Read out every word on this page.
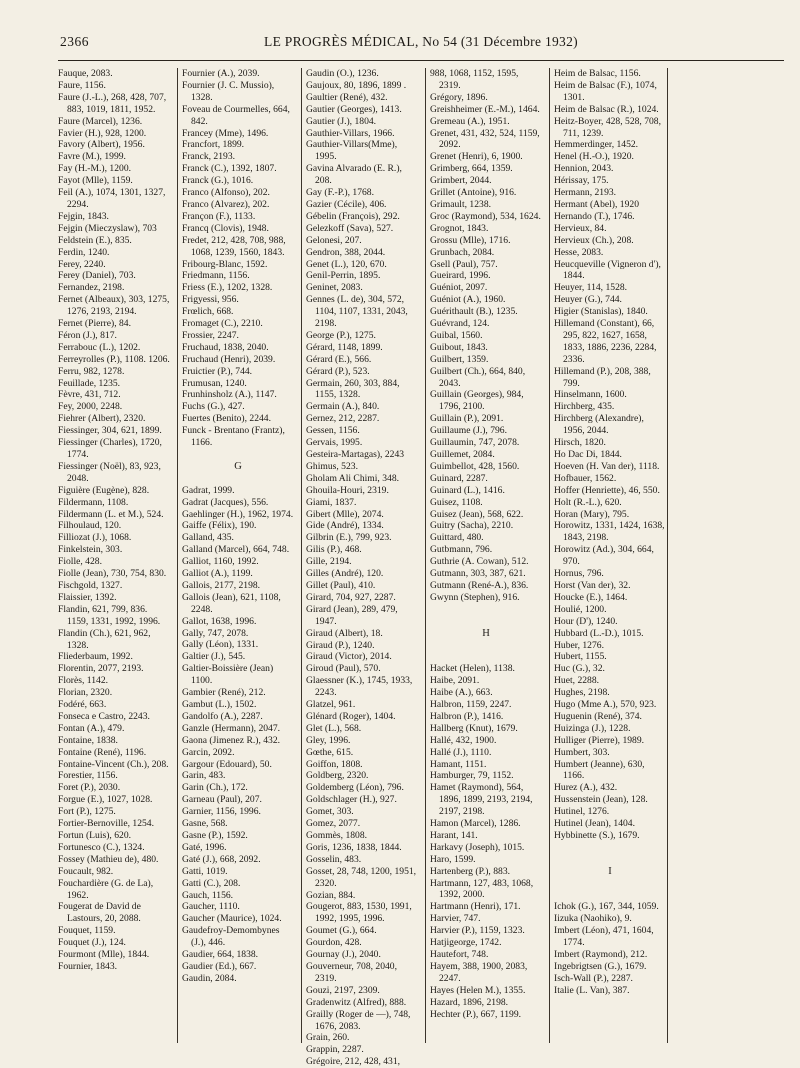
2366	LE PROGRÈS MÉDICAL, No 54 (31 Décembre 1932)
Fauque, 2083.
Faure, 1156.
Faure (J.-L.), 268, 428, 707, 883, 1019, 1811, 1952.
Faure (Marcel), 1236.
Favier (H.), 928, 1200.
Favory (Albert), 1956.
Favre (M.), 1999.
Fay (H.-M.), 1200.
Fayot (Mlle), 1159.
Feil (A.), 1074, 1301, 1327, 2294.
Fejgin, 1843.
Fejgin (Mieczyslaw), 703
Feldstein (E.), 835.
Ferdin, 1240.
Ferey, 2240.
Ferey (Daniel), 703.
Fernandez, 2198.
Fernet (Albeaux), 303, 1275, 1276, 2193, 2194.
Fernet (Pierre), 84.
Féron (J.), 817.
Ferrabouc (L.), 1202.
Ferreyrolles (P.), 1108. 1206.
Ferru, 982, 1278.
Feuillade, 1235.
Fèvre, 431, 712.
Fey, 2000, 2248.
Fiehrer (Albert), 2320.
Fiessinger, 304, 621, 1899.
Fiessinger (Charles), 1720, 1774.
Fiessinger (Noël), 83, 923, 2048.
Figuière (Eugène), 828.
Fildermann, 1108.
Fildermann (L. et M.), 524.
Filhoulaud, 120.
Filliozat (J.), 1068.
Finkelstein, 303.
Fiolle, 428.
Fiolle (Jean), 730, 754, 830.
Fischgold, 1327.
Flaissier, 1392.
Flandin, 621, 799, 836. 1159, 1331, 1992, 1996.
Flandin (Ch.), 621, 962, 1328.
Fliederbaum, 1992.
Florentin, 2077, 2193.
Florès, 1142.
Florian, 2320.
Fodéré, 663.
Fonseca e Castro, 2243.
Fontan (A.), 479.
Fontaine, 1838.
Fontaine (René), 1196.
Fontaine-Vincent (Ch.), 208.
Forestier, 1156.
Foret (P.), 2030.
Forgue (E.), 1027, 1028.
Fort (P.), 1275.
Fortier-Bernoville, 1254.
Fortun (Luis), 620.
Fortunesco (C.), 1324.
Fossey (Mathieu de), 480.
Foucault, 982.
Fouchardière (G. de La), 1962.
Fougerat de David de Lastours, 20, 2088.
Fouquet, 1159.
Fouquet (J.), 124.
Fourmont (Mlle), 1844.
Fournier, 1843.
Fournier (A.), 2039.
Fournier (J. C. Mussio), 1328.
Foveau de Courmelles, 664, 842.
Francey (Mme), 1496.
Francfort, 1899.
Franck, 2193.
Franck (C.), 1392, 1807.
Franck (G.), 1016.
Franco (Alfonso), 202.
Franco (Alvarez), 202.
Françon (F.), 1133.
Francq (Clovis), 1948.
Fredet, 212, 428, 708, 988, 1068, 1239, 1560, 1843.
Fribourg-Blanc, 1592.
Friedmann, 1156.
Friess (E.), 1202, 1328.
Frigyessi, 956.
Frœlich, 668.
Fromaget (C.), 2210.
Frossier, 2247.
Fruchaud, 1838, 2040.
Fruchaud (Henri), 2039.
Fruictier (P.), 744.
Frumusan, 1240.
Frunhinsholz (A.), 1147.
Fuchs (G.), 427.
Fuertes (Benito), 2244.
Funck - Brentano (Frantz), 1166.
G
Gadrat, 1999.
Gadrat (Jacques), 556.
Gaehlinger (H.), 1962, 1974.
Gaiffe (Félix), 190.
Galland, 435.
Galland (Marcel), 664, 748.
Galliot, 1160, 1992.
Galliot (A.), 1199.
Gallois, 2177, 2198.
Gallois (Jean), 621, 1108, 2248.
Gallot, 1638, 1996.
Gally, 747, 2078.
Gally (Léon), 1331.
Galtier (J.), 545.
Galtier-Boissière (Jean) 1100.
Gambier (René), 212.
Gambut (L.), 1502.
Gandolfo (A.), 2287.
Ganzle (Hermann), 2047.
Gaona (Jimenez R.), 432.
Garcin, 2092.
Gargour (Edouard), 50.
Garin, 483.
Garin (Ch.), 172.
Garneau (Paul), 207.
Garnier, 1156, 1996.
Gasne, 568.
Gasne (P.), 1592.
Gaté, 1996.
Gaté (J.), 668, 2092.
Gatti, 1019.
Gatti (C.), 208.
Gauch, 1156.
Gaucher, 1110.
Gaucher (Maurice), 1024.
Gaudefroy-Demombynes (J.), 446.
Gaudier, 664, 1838.
Gaudier (Ed.), 667.
Gaudin, 2084.
Gaudin (O.), 1236.
Gaujoux, 80, 1896, 1899 .
Gaultier (René), 432.
Gautier (Georges), 1413.
Gautier (J.), 1804.
Gauthier-Villars, 1966.
Gauthier-Villars(Mme), 1995.
Gavina Alvarado (E. R.), 208.
Gay (F.-P.), 1768.
Gazier (Cécile), 406.
Gébelin (François), 292.
Gelezkoff (Sava), 527.
Gelonesi, 207.
Gendron, 388, 2044.
Genet (L.), 120, 670.
Genil-Perrin, 1895.
Geninet, 2083.
Gennes (L. de), 304, 572, 1104, 1107, 1331, 2043, 2198.
George (P.), 1275.
Gérard, 1148, 1899.
Gérard (E.), 566.
Gérard (P.), 523.
Germain, 260, 303, 884, 1155, 1328.
Germain (A.), 840.
Gernez, 212, 2287.
Gessen, 1156.
Gervais, 1995.
Gesteira-Martagas), 2243
Ghimus, 523.
Gholam Ali Chimi, 348.
Ghouila-Houri, 2319.
Giami, 1837.
Gibert (Mlle), 2074.
Gide (André), 1334.
Gilbrin (E.), 799, 923.
Gilis (P.), 468.
Gille, 2194.
Gilles (André), 120.
Gillet (Paul), 410.
Girard, 704, 927, 2287.
Girard (Jean), 289, 479, 1947.
Giraud (Albert), 18.
Giraud (P.), 1240.
Giraud (Victor), 2014.
Giroud (Paul), 570.
Glaessner (K.), 1745, 1933, 2243.
Glatzel, 961.
Glénard (Roger), 1404.
Glet (L.), 568.
Gley, 1996.
Gœthe, 615.
Goiffon, 1808.
Goldberg, 2320.
Goldemberg (Léon), 796.
Goldschlager (H.), 927.
Gomet, 303.
Gomez, 2077.
Gommès, 1808.
Goris, 1236, 1838, 1844.
Gosselin, 483.
Gosset, 28, 748, 1200, 1951, 2320.
Gozian, 884.
Gougerot, 883, 1530, 1991, 1992, 1995, 1996.
Goumet (G.), 664.
Gourdon, 428.
Gournay (J.), 2040.
Gouverneur, 708, 2040, 2319.
Gouzi, 2197, 2309.
Gradenwitz (Alfred), 888.
Grailly (Roger de —), 748, 1676, 2083.
Grain, 260.
Grappin, 2287.
Grégoire, 212, 428, 431,
988, 1068, 1152, 1595, 2319.
Grégory, 1896.
Greishheimer (E.-M.), 1464.
Gremeau (A.), 1951.
Grenet, 431, 432, 524, 1159, 2092.
Grenet (Henri), 6, 1900.
Grimberg, 664, 1359.
Grimbert, 2044.
Grillet (Antoine), 916.
Grimault, 1238.
Groc (Raymond), 534, 1624.
Grognot, 1843.
Grossu (Mlle), 1716.
Grunbach, 2084.
Gsell (Paul), 757.
Gueirard, 1996.
Guéniot, 2097.
Guéniot (A.), 1960.
Guérithault (B.), 1235.
Guévrand, 124.
Guibal, 1560.
Guibout, 1843.
Guilbert, 1359.
Guilbert (Ch.), 664, 840, 2043.
Guillain (Georges), 984, 1796, 2100.
Guillain (P.), 2091.
Guillaume (J.), 796.
Guillaumin, 747, 2078.
Guillemet, 2084.
Guimbellot, 428, 1560.
Guinard, 2287.
Guinard (L.), 1416.
Guisez, 1108.
Guisez (Jean), 568, 622.
Guitry (Sacha), 2210.
Guittard, 480.
Gutbmann, 796.
Guthrie (A. Cowan), 512.
Gutmann, 303, 387, 621.
Gutmann (René-A.), 836.
Gwynn (Stephen), 916.
H
Hacket (Helen), 1138.
Haibe, 2091.
Haibe (A.), 663.
Halbron, 1159, 2247.
Halbron (P.), 1416.
Hallberg (Knut), 1679.
Hallé, 432, 1900.
Hallé (J.), 1110.
Hamant, 1151.
Hamburger, 79, 1152.
Hamet (Raymond), 564, 1896, 1899, 2193, 2194, 2197, 2198.
Hamon (Marcel), 1286.
Harant, 141.
Harkavy (Joseph), 1015.
Haro, 1599.
Hartenberg (P.), 883.
Hartmann, 127, 483, 1068, 1392, 2000.
Hartmann (Henri), 171.
Harvier, 747.
Harvier (P.), 1159, 1323.
Hatjigeorge, 1742.
Hautefort, 748.
Hayem, 388, 1900, 2083, 2247.
Hayes (Helen M.), 1355.
Hazard, 1896, 2198.
Hechter (P.), 667, 1199.
Heim de Balsac, 1156.
Heim de Balsac (F.), 1074, 1301.
Heim de Balsac (R.), 1024.
Heitz-Boyer, 428, 528, 708, 711, 1239.
Hemmerdinger, 1452.
Henel (H.-O.), 1920.
Hennion, 2043.
Hérissay, 175.
Hermann, 2193.
Hermant (Abel), 1920
Hernando (T.), 1746.
Hervieux, 84.
Hervieux (Ch.), 208.
Hesse, 2083.
Heucqueville (Vigneron d'), 1844.
Heuyer, 114, 1528.
Heuyer (G.), 744.
Higier (Stanislas), 1840.
Hillemand (Constant), 66, 295, 822, 1627, 1658, 1833, 1886, 2236, 2284, 2336.
Hillemand (P.), 208, 388, 799.
Hinselmann, 1600.
Hirchberg, 435.
Hirchberg (Alexandre), 1956, 2044.
Hirsch, 1820.
Ho Dac Di, 1844.
Hoeven (H. Van der), 1118.
Hofbauer, 1562.
Hoffer (Henriette), 46, 550.
Holt (R.-L.), 620.
Horan (Mary), 795.
Horowitz, 1331, 1424, 1638, 1843, 2198.
Horowitz (Ad.), 304, 664, 970.
Hornus, 796.
Horst (Van der), 32.
Houcke (E.), 1464.
Houlié, 1200.
Hour (D'), 1240.
Hubbard (L.-D.), 1015.
Huber, 1276.
Hubert, 1155.
Huc (G.), 32.
Huet, 2288.
Hughes, 2198.
Hugo (Mme A.), 570, 923.
Huguenin (René), 374.
Huizinga (J.), 1228.
Hulliger (Pierre), 1989.
Humbert, 303.
Humbert (Jeanne), 630, 1166.
Hurez (A.), 432.
Hussenstein (Jean), 128.
Hutinel, 1276.
Hutinel (Jean), 1404.
Hybbinette (S.), 1679.
I
Ichok (G.), 167, 344, 1059.
Iizuka (Naohiko), 9.
Imbert (Léon), 471, 1604, 1774.
Imbert (Raymond), 212.
Ingebrigtsen (G.), 1679.
Isch-Wall (P.), 2287.
Italie (L. Van), 387.
